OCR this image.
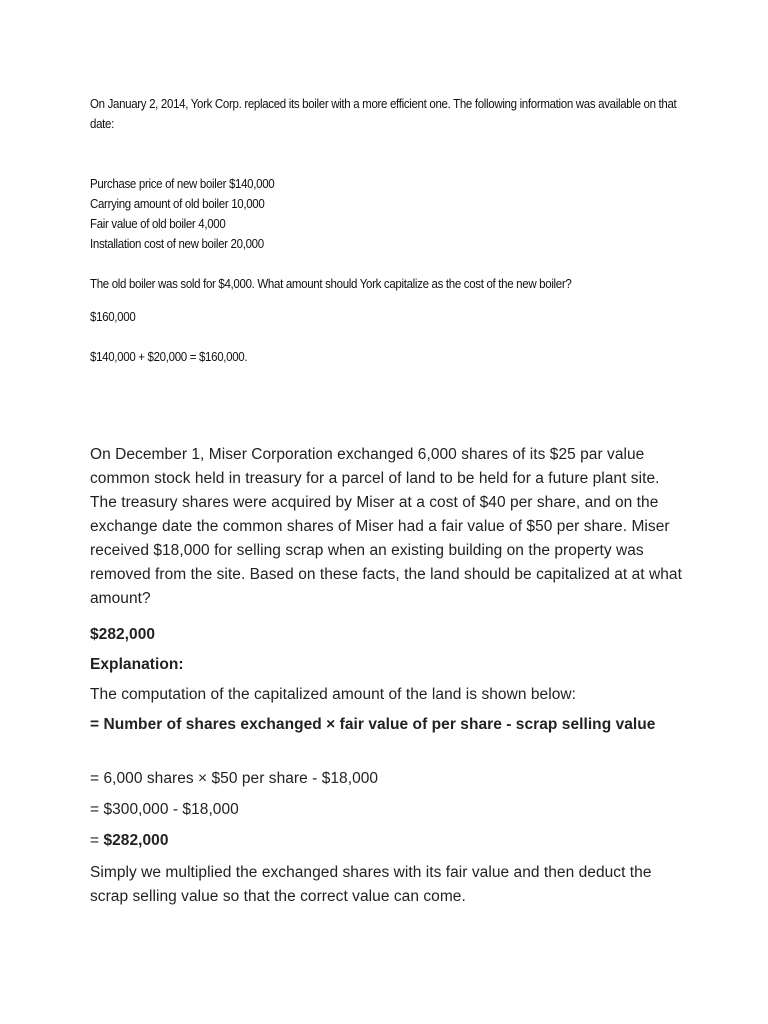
On January 2, 2014, York Corp. replaced its boiler with a more efficient one. The following information was available on that date:

Purchase price of new boiler $140,000

Carrying amount of old boiler 10,000

Fair value of old boiler 4,000

Installation cost of new boiler 20,000

The old boiler was sold for $4,000. What amount should York capitalize as the cost of the new boiler?

$160,000

$140,000 + $20,000 = $160,000.

On December 1, Miser Corporation exchanged 6,000 shares of its $25 par value common stock held in treasury for a parcel of land to be held for a future plant site. The treasury shares were acquired by Miser at a cost of $40 per share, and on the exchange date the common shares of Miser had a fair value of $50 per share. Miser received $18,000 for selling scrap when an existing building on the property was removed from the site. Based on these facts, the land should be capitalized at at what amount?

$282,000

Explanation:

The computation of the capitalized amount of the land is shown below:

= Number of shares exchanged × fair value of per share - scrap selling value

= 6,000 shares × $50 per share - $18,000

= $300,000 - $18,000

= $282,000

Simply we multiplied the exchanged shares with its fair value and then deduct the scrap selling value so that the correct value can come.
